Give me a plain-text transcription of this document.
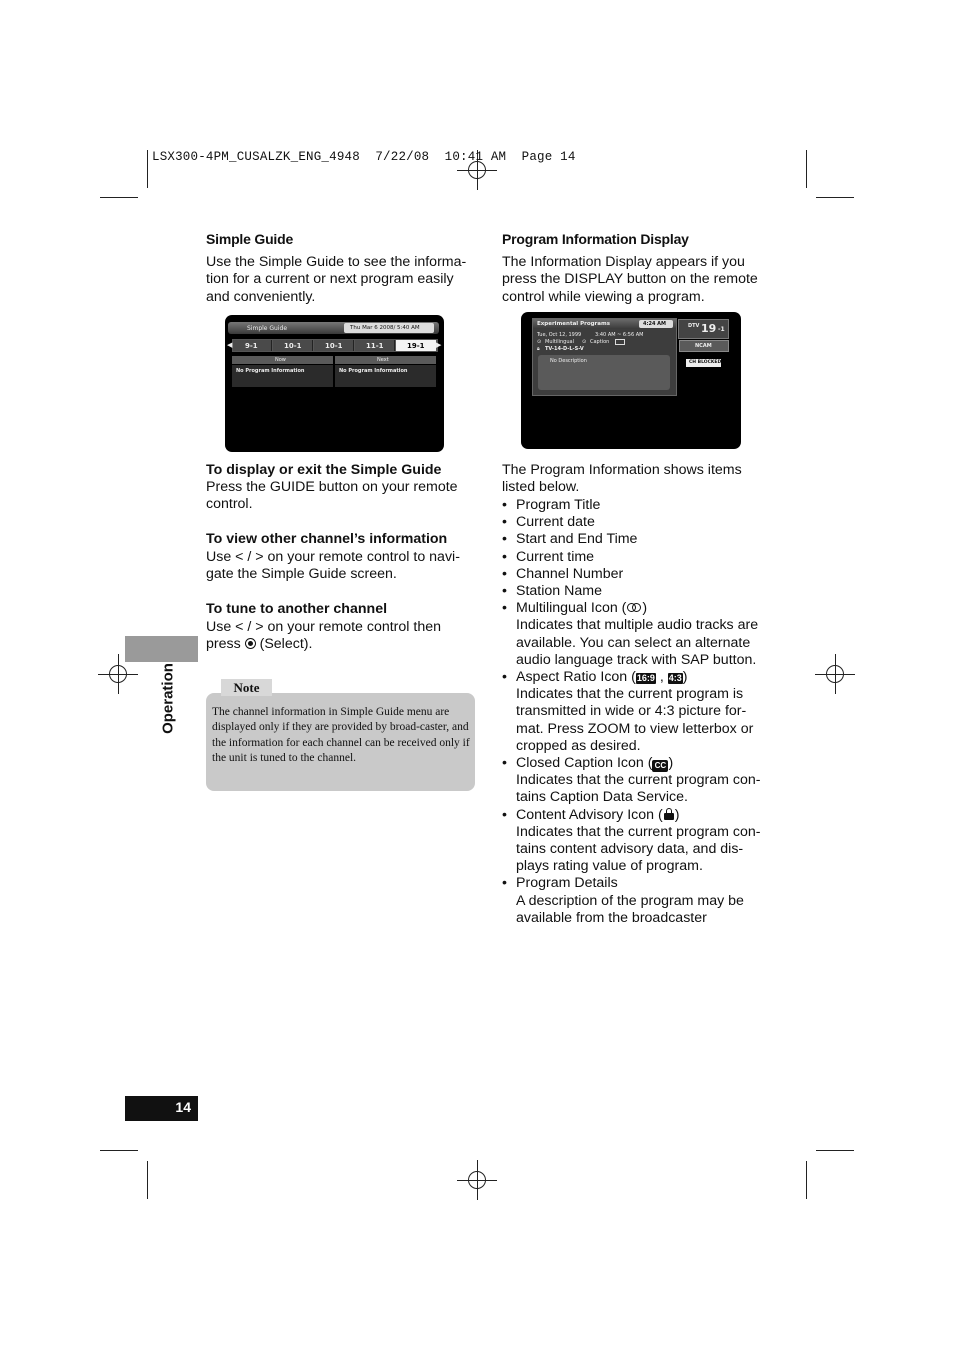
LSX300-4PM_CUSALZK_ENG_4948  7/22/08  10:41 AM  Page 14
Simple Guide
Use the Simple Guide to see the informa-tion for a current or next program easily and conveniently.
Simple Guide	Thu Mar 6 2008/ 5:40 AM
◀	▶
9-1	10-1	10-1	11-1	19-1
Now	Next
No Program Information	No Program Information
To display or exit the Simple Guide
Press the GUIDE button on your remote control.
To view other channel’s information
Use < / > on your remote control to navi-gate the Simple Guide screen.
To tune to another channel
Use < / > on your remote control then press (Select).
Operation	Note
The channel information in Simple Guide menu are displayed only if they are provided by broad-caster, and the information for each channel can be received only if the unit is tuned to the channel.
Program Information Display
The Information Display appears if you press the DISPLAY button on the remote control while viewing a program.
Experimental Programs	4:24 AM
Tue, Oct 12, 1999	3:40 AM ~ 6:56 AM
⊙ Multilingual ⊙ Caption
🔒︎ TV-14-D-L-S-V
No Description
DTV 19 -1
NCAM
CH BLOCKED
The Program Information shows items listed below.
• Program Title
• Current date
• Start and End Time
• Current time
• Channel Number
• Station Name
• Multilingual Icon ( )
Indicates that multiple audio tracks are available. You can select an alternate audio language track with SAP button.
• Aspect Ratio Icon (16:9 , 4:3)
Indicates that the current program is transmitted in wide or 4:3 picture for-mat. Press ZOOM to view letterbox or cropped as desired.
• Closed Caption Icon ( CC )
Indicates that the current program con-tains Caption Data Service.
• Content Advisory Icon ( )
Indicates that the current program con-tains content advisory data, and dis-plays rating value of program.
• Program Details
A description of the program may be available from the broadcaster
14
